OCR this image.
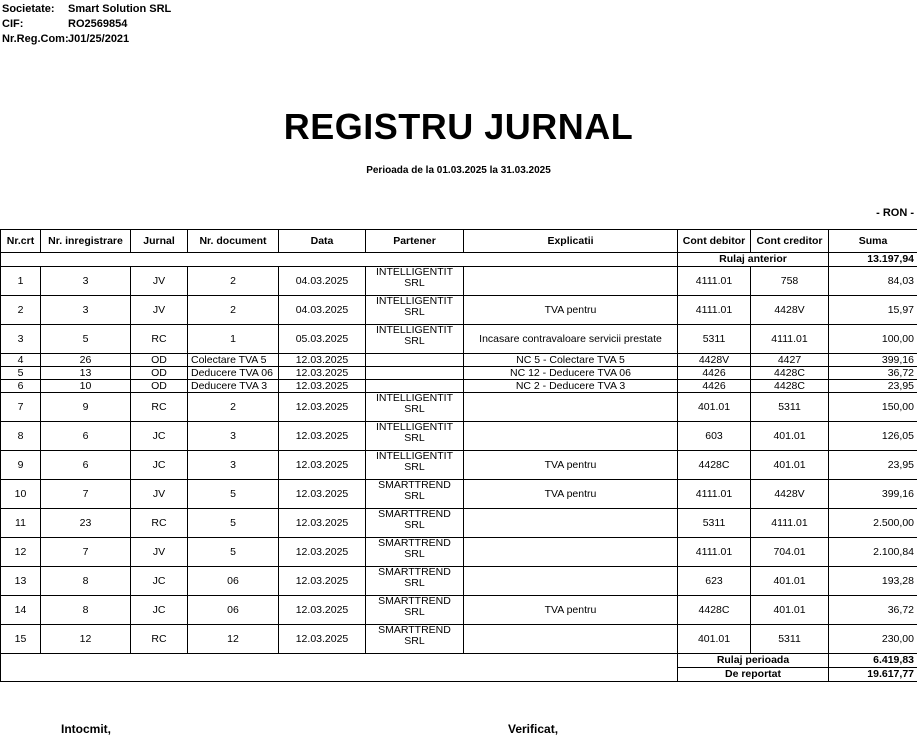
Societate:	Smart Solution SRL
CIF:	RO2569854
Nr.Reg.Com: J01/25/2021
REGISTRU JURNAL
Perioada de la 01.03.2025 la 31.03.2025
- RON -
Nr.crt	Nr. inregistrare	Jurnal	Nr. document	Data	Partener	Explicatii	Cont debitor	Cont creditor	Suma
							Rulaj anterior		13.197,94
1	3	JV	2	04.03.2025	INTELLIGENTIT SRL		4111.01	758	84,03
2	3	JV	2	04.03.2025	INTELLIGENTIT SRL	TVA pentru	4111.01	4428V	15,97
3	5	RC	1	05.03.2025	INTELLIGENTIT SRL	Incasare contravaloare servicii prestate	5311	4111.01	100,00
4	26	OD	Colectare TVA 5	12.03.2025		NC 5 - Colectare TVA 5	4428V	4427	399,16
5	13	OD	Deducere TVA 06	12.03.2025		NC 12 - Deducere TVA 06	4426	4428C	36,72
6	10	OD	Deducere TVA 3	12.03.2025		NC 2 - Deducere TVA 3	4426	4428C	23,95
7	9	RC	2	12.03.2025	INTELLIGENTIT SRL		401.01	5311	150,00
8	6	JC	3	12.03.2025	INTELLIGENTIT SRL		603	401.01	126,05
9	6	JC	3	12.03.2025	INTELLIGENTIT SRL	TVA pentru	4428C	401.01	23,95
10	7	JV	5	12.03.2025	SMARTTREND SRL	TVA pentru	4111.01	4428V	399,16
11	23	RC	5	12.03.2025	SMARTTREND SRL		5311	4111.01	2.500,00
12	7	JV	5	12.03.2025	SMARTTREND SRL		4111.01	704.01	2.100,84
13	8	JC	06	12.03.2025	SMARTTREND SRL		623	401.01	193,28
14	8	JC	06	12.03.2025	SMARTTREND SRL	TVA pentru	4428C	401.01	36,72
15	12	RC	12	12.03.2025	SMARTTREND SRL		401.01	5311	230,00
							Rulaj perioada		6.419,83
							De reportat		19.617,77
Intocmit,	Verificat,
